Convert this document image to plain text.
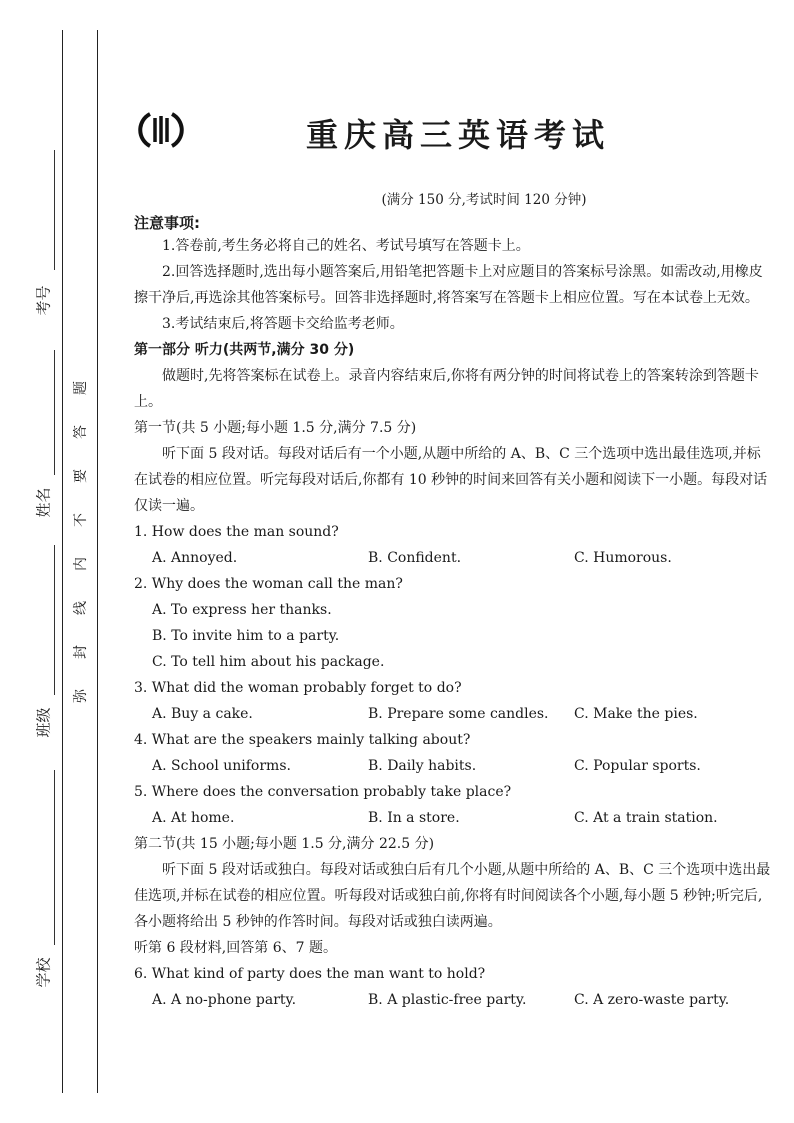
考号
姓名
班级
学校
题
答
要
不
内
线
封
弥
重庆高三英语考试
(满分 150 分,考试时间 120 分钟)
注意事项:

1.答卷前,考生务必将自己的姓名、考试号填写在答题卡上。

2.回答选择题时,选出每小题答案后,用铅笔把答题卡上对应题目的答案标号涂黑。如需改动,用橡皮擦干净后,再选涂其他答案标号。回答非选择题时,将答案写在答题卡上相应位置。写在本试卷上无效。

3.考试结束后,将答题卡交给监考老师。

第一部分 听力(共两节,满分 30 分)

做题时,先将答案标在试卷上。录音内容结束后,你将有两分钟的时间将试卷上的答案转涂到答题卡上。

第一节(共 5 小题;每小题 1.5 分,满分 7.5 分)

听下面 5 段对话。每段对话后有一个小题,从题中所给的 A、B、C 三个选项中选出最佳选项,并标在试卷的相应位置。听完每段对话后,你都有 10 秒钟的时间来回答有关小题和阅读下一小题。每段对话仅读一遍。

1. How does the man sound?
A. Annoyed.	B. Confident.	C. Humorous.
2. Why does the woman call the man?
A. To express her thanks.
B. To invite him to a party.
C. To tell him about his package.
3. What did the woman probably forget to do?
A. Buy a cake.	B. Prepare some candles.	C. Make the pies.
4. What are the speakers mainly talking about?
A. School uniforms.	B. Daily habits.	C. Popular sports.
5. Where does the conversation probably take place?
A. At home.	B. In a store.	C. At a train station.
第二节(共 15 小题;每小题 1.5 分,满分 22.5 分)

听下面 5 段对话或独白。每段对话或独白后有几个小题,从题中所给的 A、B、C 三个选项中选出最佳选项,并标在试卷的相应位置。听每段对话或独白前,你将有时间阅读各个小题,每小题 5 秒钟;听完后,各小题将给出 5 秒钟的作答时间。每段对话或独白读两遍。

听第 6 段材料,回答第 6、7 题。
6. What kind of party does the man want to hold?
A. A no-phone party.	B. A plastic-free party.	C. A zero-waste party.
